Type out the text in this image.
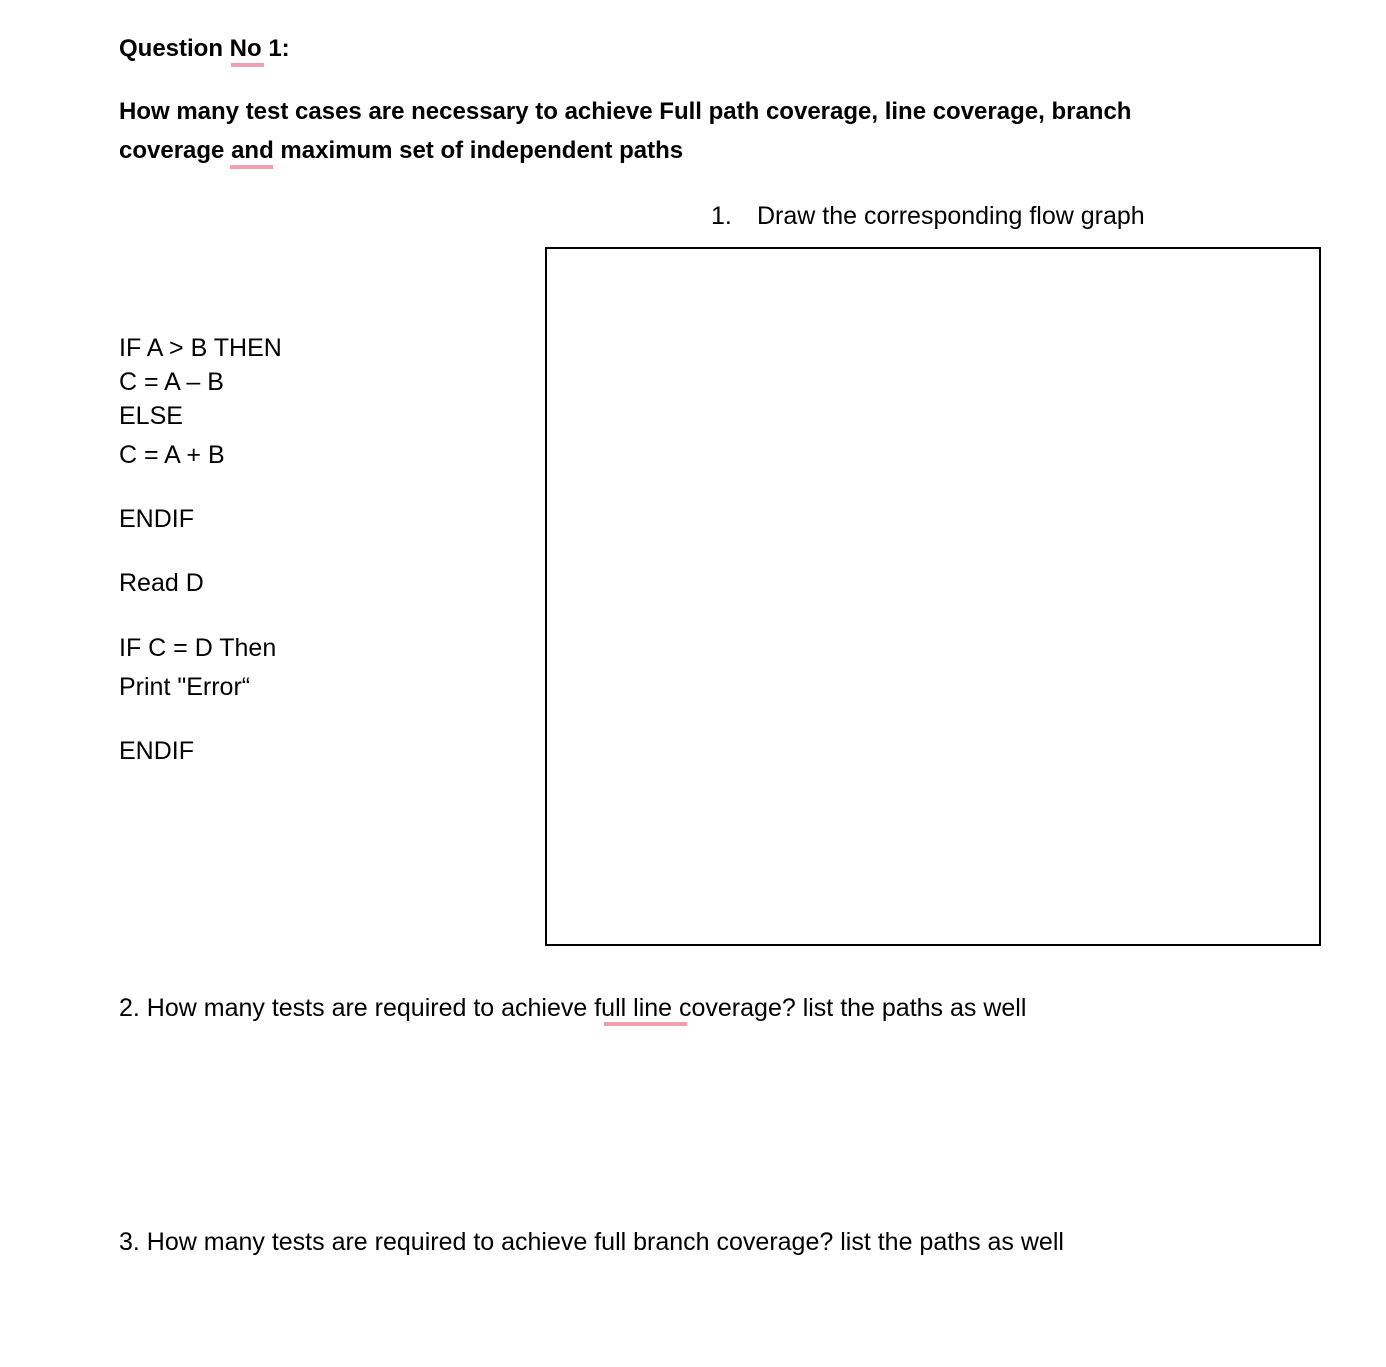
Question No 1:
How many test cases are necessary to achieve Full path coverage, line coverage, branch
coverage and maximum set of independent paths
1. Draw the corresponding flow graph
IF A > B THEN
C = A – B
ELSE
C = A + B
ENDIF
Read D
IF C = D Then
Print "Error“
ENDIF
2. How many tests are required to achieve full line coverage? list the paths as well
3. How many tests are required to achieve full branch coverage? list the paths as well
